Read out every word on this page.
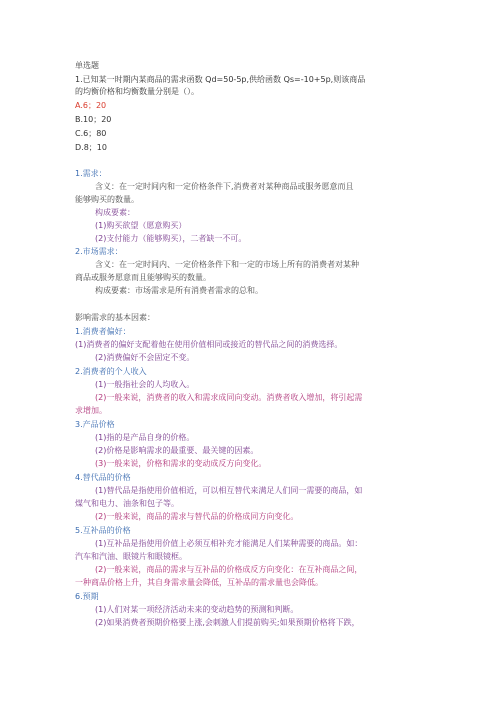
单选题
1.已知某一时期内某商品的需求函数 Qd=50-5p,供给函数 Qs=-10+5p,则该商品
的均衡价格和均衡数量分别是（）。
A.6；20
B.10；20
C.6；80
D.8；10
1.需求：
含义：在一定时间内和一定价格条件下,消费者对某种商品或服务愿意而且
能够购买的数量。
构成要素：
(1)购买欲望（愿意购买）
(2)支付能力（能够购买），二者缺一不可。
2.市场需求：
含义：在一定时间内、一定价格条件下和一定的市场上所有的消费者对某种
商品或服务愿意而且能够购买的数量。
构成要素：市场需求是所有消费者需求的总和。
影响需求的基本因素：
1.消费者偏好：
(1)消费者的偏好支配着他在使用价值相同或接近的替代品之间的消费选择。
(2)消费偏好不会固定不变。
2.消费者的个人收入
(1)一般指社会的人均收入。
(2)一般来说，消费者的收入和需求成同向变动。消费者收入增加，将引起需
求增加。
3.产品价格
(1)指的是产品自身的价格。
(2)价格是影响需求的最重要、最关键的因素。
(3)一般来说，价格和需求的变动成反方向变化。
4.替代品的价格
(1)替代品是指使用价值相近，可以相互替代来满足人们同一需要的商品，如
煤气和电力、油条和包子等。
(2)一般来说，商品的需求与替代品的价格成同方向变化。
5.互补品的价格
(1)互补品是指使用价值上必须互相补充才能满足人们某种需要的商品。如：
汽车和汽油、眼镜片和眼镜框。
(2)一般来说，商品的需求与互补品的价格成反方向变化：在互补商品之间，
一种商品价格上升，其自身需求量会降低，互补品的需求量也会降低。
6.预期
(1)人们对某一项经济活动未来的变动趋势的预测和判断。
(2)如果消费者预期价格要上涨,会刺激人们提前购买;如果预期价格将下跌，
